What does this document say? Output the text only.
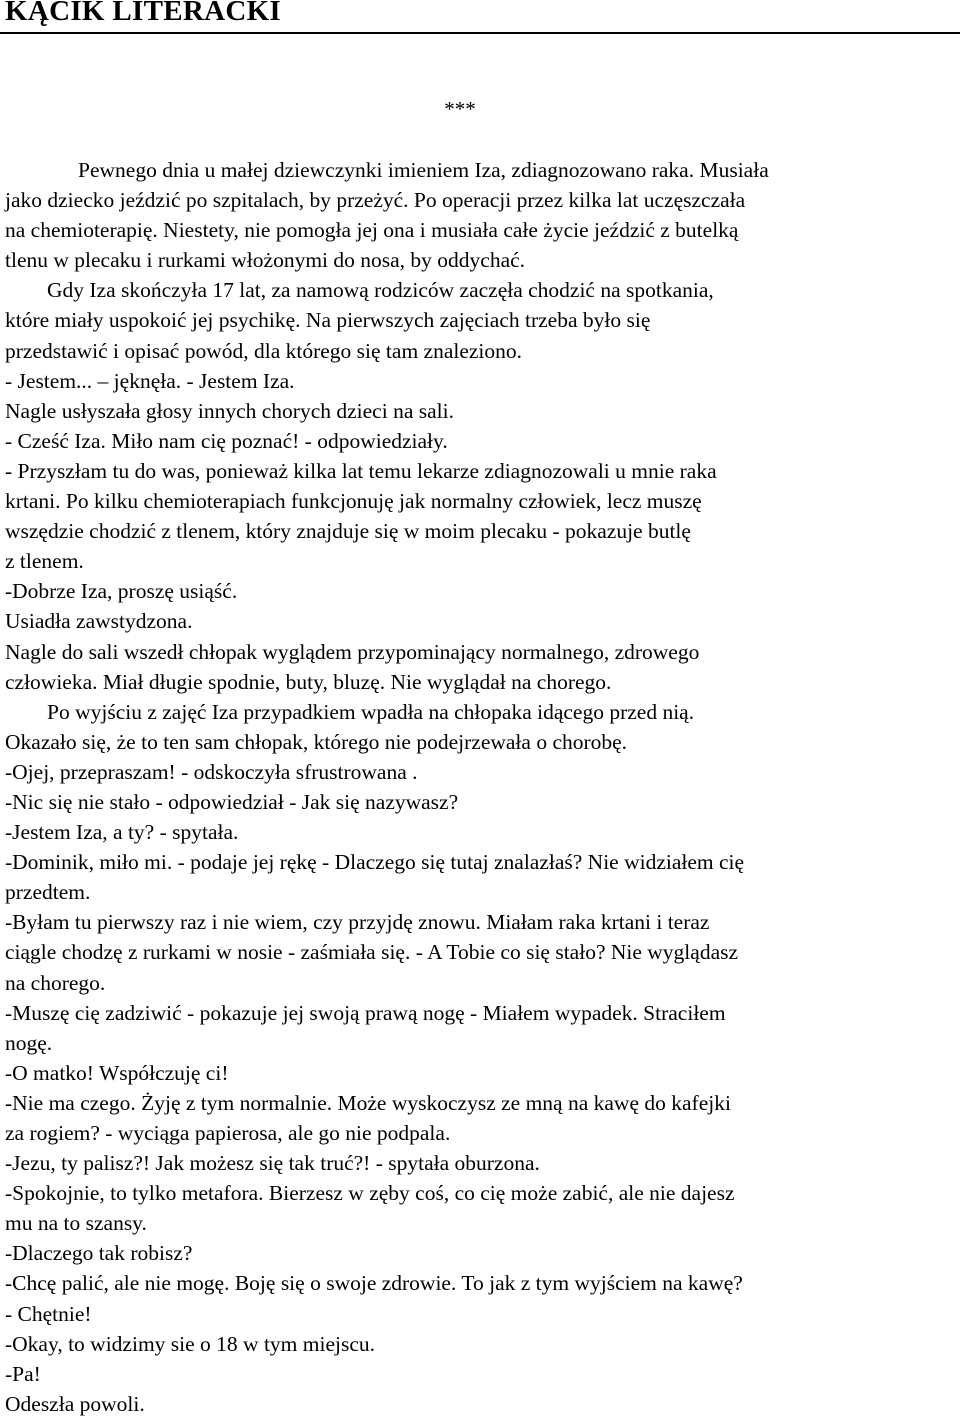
KĄCIK LITERACKI
***
Pewnego dnia u małej dziewczynki imieniem Iza, zdiagnozowano raka. Musiała
jako dziecko jeździć po szpitalach, by przeżyć. Po operacji przez kilka lat uczęszczała
na chemioterapię. Niestety, nie pomogła jej ona i musiała całe życie jeździć z butelką
tlenu w plecaku i rurkami włożonymi do nosa, by oddychać.
Gdy Iza skończyła 17 lat, za namową rodziców zaczęła chodzić na spotkania,
które miały uspokoić jej psychikę. Na pierwszych zajęciach trzeba było się
przedstawić i opisać powód, dla którego się tam znaleziono.
- Jestem... – jęknęła. - Jestem Iza.
Nagle usłyszała głosy innych chorych dzieci na sali.
- Cześć Iza. Miło nam cię poznać! - odpowiedziały.
- Przyszłam tu do was, ponieważ kilka lat temu lekarze zdiagnozowali u mnie raka
krtani. Po kilku chemioterapiach funkcjonuję jak normalny człowiek, lecz muszę
wszędzie chodzić z tlenem, który znajduje się w moim plecaku - pokazuje butlę
z tlenem.
-Dobrze Iza, proszę usiąść.
Usiadła zawstydzona.
Nagle do sali wszedł chłopak wyglądem przypominający normalnego, zdrowego
człowieka. Miał długie spodnie, buty, bluzę. Nie wyglądał na chorego.
Po wyjściu z zajęć Iza przypadkiem wpadła na chłopaka idącego przed nią.
Okazało się, że to ten sam chłopak, którego nie podejrzewała o chorobę.
-Ojej, przepraszam! - odskoczyła sfrustrowana .
-Nic się nie stało - odpowiedział - Jak się nazywasz?
-Jestem Iza, a ty? - spytała.
-Dominik, miło mi. - podaje jej rękę - Dlaczego się tutaj znalazłaś? Nie widziałem cię
przedtem.
-Byłam tu pierwszy raz i nie wiem, czy przyjdę znowu. Miałam raka krtani i teraz
ciągle chodzę z rurkami w nosie - zaśmiała się. - A Tobie co się stało? Nie wyglądasz
na chorego.
-Muszę cię zadziwić - pokazuje jej swoją prawą nogę - Miałem wypadek. Straciłem
nogę.
-O matko! Współczuję ci!
-Nie ma czego. Żyję z tym normalnie. Może wyskoczysz ze mną na kawę do kafejki
za rogiem? - wyciąga papierosa, ale go nie podpala.
-Jezu, ty palisz?! Jak możesz się tak truć?! - spytała oburzona.
-Spokojnie, to tylko metafora. Bierzesz w zęby coś, co cię może zabić, ale nie dajesz
mu na to szansy.
-Dlaczego tak robisz?
-Chcę palić, ale nie mogę. Boję się o swoje zdrowie. To jak z tym wyjściem na kawę?
- Chętnie!
-Okay, to widzimy sie o 18 w tym miejscu.
-Pa!
Odeszła powoli.
